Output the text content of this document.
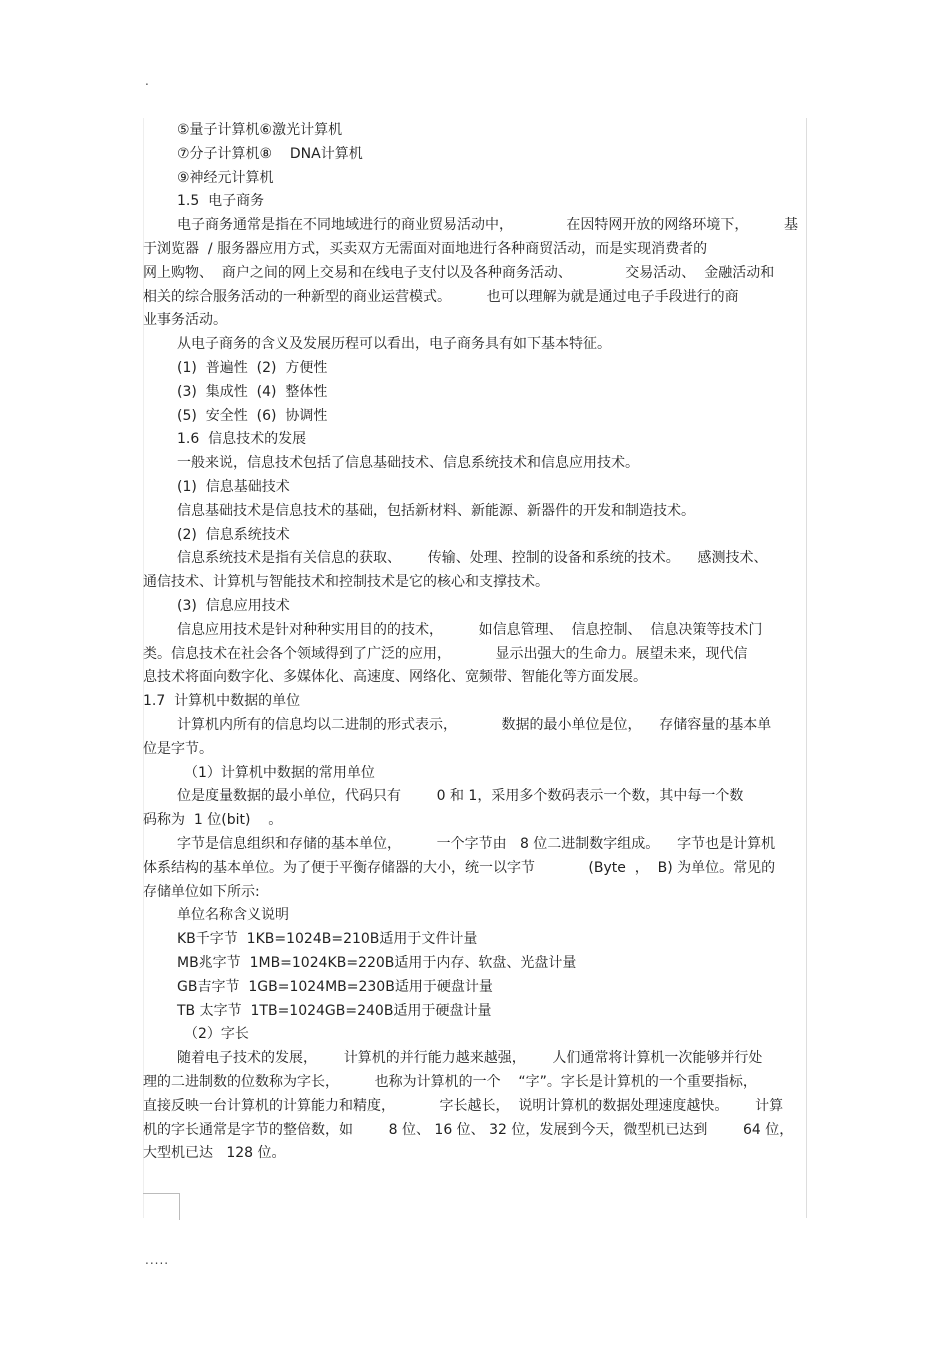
.
⑤量子计算机⑥激光计算机
⑦分子计算机⑧    DNA计算机
⑨神经元计算机
1.5  电子商务
电子商务通常是指在不同地域进行的商业贸易活动中，            在因特网开放的网络环境下，        基
于浏览器  / 服务器应用方式，买卖双方无需面对面地进行各种商贸活动，而是实现消费者的
网上购物、  商户之间的网上交易和在线电子支付以及各种商务活动、            交易活动、  金融活动和
相关的综合服务活动的一种新型的商业运营模式。        也可以理解为就是通过电子手段进行的商
业事务活动。
从电子商务的含义及发展历程可以看出，电子商务具有如下基本特征。
(1)  普遍性  (2)  方便性
(3)  集成性  (4)  整体性
(5)  安全性  (6)  协调性
1.6  信息技术的发展
一般来说，信息技术包括了信息基础技术、信息系统技术和信息应用技术。
(1)  信息基础技术
信息基础技术是信息技术的基础，包括新材料、新能源、新器件的开发和制造技术。
(2)  信息系统技术
信息系统技术是指有关信息的获取、      传输、处理、控制的设备和系统的技术。    感测技术、
通信技术、计算机与智能技术和控制技术是它的核心和支撑技术。
(3)  信息应用技术
信息应用技术是针对种种实用目的的技术，        如信息管理、  信息控制、  信息决策等技术门
类。信息技术在社会各个领域得到了广泛的应用，          显示出强大的生命力。展望未来，现代信
息技术将面向数字化、多媒体化、高速度、网络化、宽频带、智能化等方面发展。
1.7  计算机中数据的单位
计算机内所有的信息均以二进制的形式表示，          数据的最小单位是位，    存储容量的基本单
位是字节。
（1）计算机中数据的常用单位
位是度量数据的最小单位，代码只有        0 和 1，采用多个数码表示一个数，其中每一个数
码称为  1 位(bit)    。
字节是信息组织和存储的基本单位，        一个字节由   8 位二进制数字组成。    字节也是计算机
体系结构的基本单位。为了便于平衡存储器的大小，统一以字节            (Byte  ，  B) 为单位。常见的
存储单位如下所示:
单位名称含义说明
KB千字节  1KB=1024B=210B适用于文件计量
MB兆字节  1MB=1024KB=220B适用于内存、软盘、光盘计量
GB吉字节  1GB=1024MB=230B适用于硬盘计量
TB 太字节  1TB=1024GB=240B适用于硬盘计量
（2）字长
随着电子技术的发展，      计算机的并行能力越来越强，      人们通常将计算机一次能够并行处
理的二进制数的位数称为字长，        也称为计算机的一个    “字”。字长是计算机的一个重要指标，
直接反映一台计算机的计算能力和精度，          字长越长，  说明计算机的数据处理速度越快。      计算
机的字长通常是字节的整倍数，如        8 位、 16 位、 32 位，发展到今天，微型机已达到        64 位，
大型机已达   128 位。
.....
